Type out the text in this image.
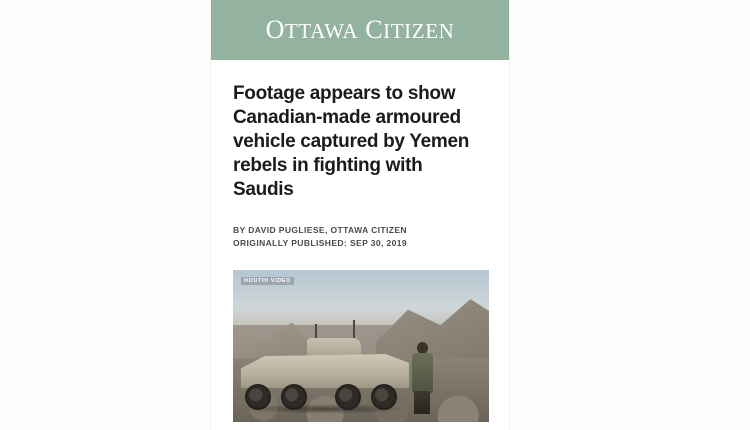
OTTAWA CITIZEN
Footage appears to show Canadian-made armoured vehicle captured by Yemen rebels in fighting with Saudis
BY DAVID PUGLIESE, OTTAWA CITIZEN
ORIGINALLY PUBLISHED: SEP 30, 2019
HOUTHI VIDEO
